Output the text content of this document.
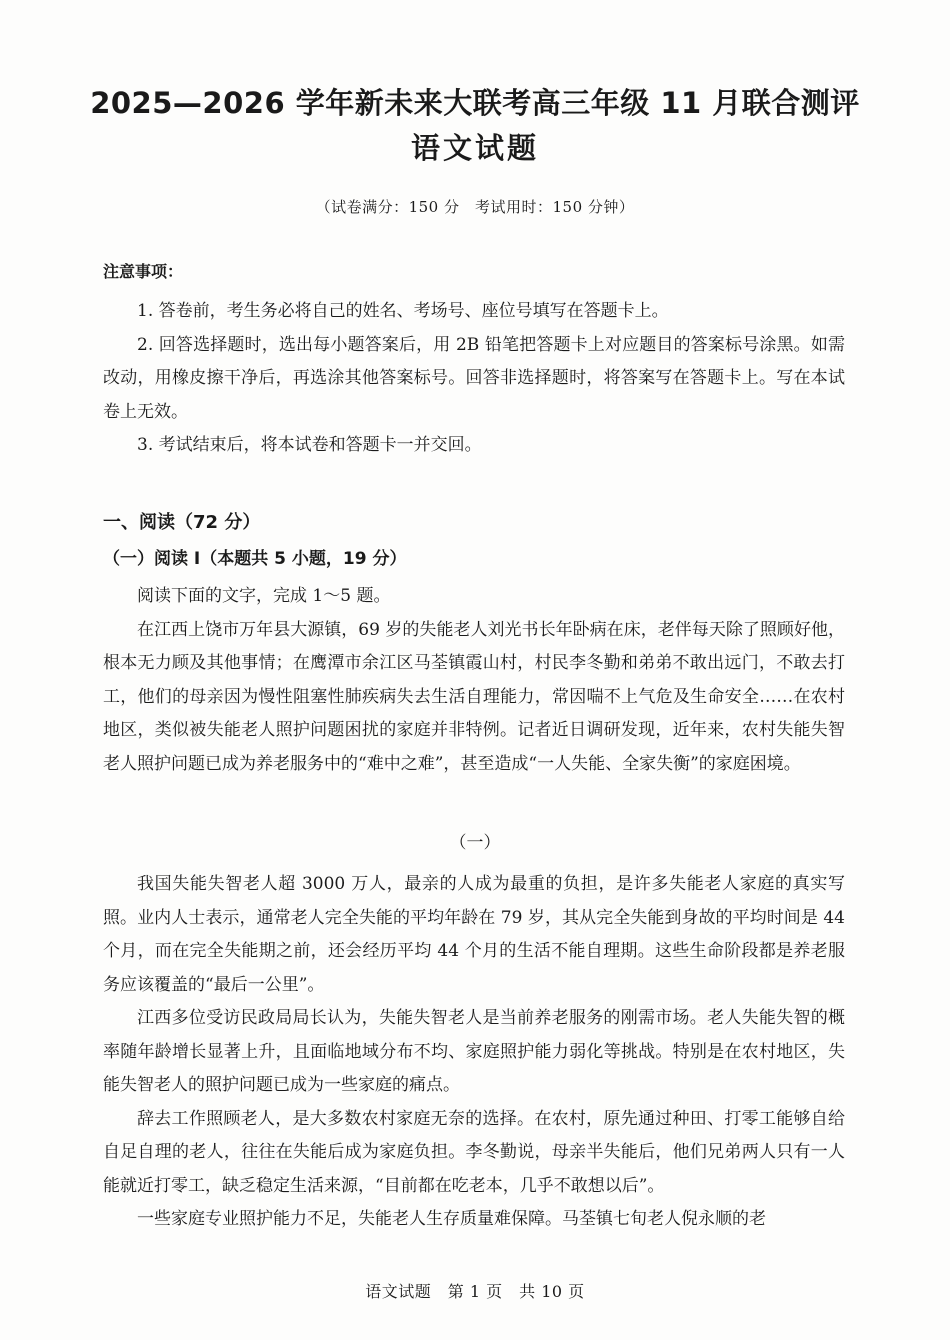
2025—2026 学年新未来大联考高三年级 11 月联合测评
语文试题
（试卷满分：150 分　考试用时：150 分钟）
注意事项：

1. 答卷前，考生务必将自己的姓名、考场号、座位号填写在答题卡上。

2. 回答选择题时，选出每小题答案后，用 2B 铅笔把答题卡上对应题目的答案标号涂黑。如需改动，用橡皮擦干净后，再选涂其他答案标号。回答非选择题时，将答案写在答题卡上。写在本试卷上无效。

3. 考试结束后，将本试卷和答题卡一并交回。

一、阅读（72 分）
（一）阅读 Ⅰ（本题共 5 小题，19 分）

阅读下面的文字，完成 1～5 题。

在江西上饶市万年县大源镇，69 岁的失能老人刘光书长年卧病在床，老伴每天除了照顾好他，根本无力顾及其他事情；在鹰潭市余江区马荃镇霞山村，村民李冬勤和弟弟不敢出远门，不敢去打工，他们的母亲因为慢性阻塞性肺疾病失去生活自理能力，常因喘不上气危及生命安全……在农村地区，类似被失能老人照护问题困扰的家庭并非特例。记者近日调研发现，近年来，农村失能失智老人照护问题已成为养老服务中的“难中之难”，甚至造成“一人失能、全家失衡”的家庭困境。

（一）

我国失能失智老人超 3000 万人，最亲的人成为最重的负担，是许多失能老人家庭的真实写照。业内人士表示，通常老人完全失能的平均年龄在 79 岁，其从完全失能到身故的平均时间是 44 个月，而在完全失能期之前，还会经历平均 44 个月的生活不能自理期。这些生命阶段都是养老服务应该覆盖的“最后一公里”。

江西多位受访民政局局长认为，失能失智老人是当前养老服务的刚需市场。老人失能失智的概率随年龄增长显著上升，且面临地域分布不均、家庭照护能力弱化等挑战。特别是在农村地区，失能失智老人的照护问题已成为一些家庭的痛点。

辞去工作照顾老人，是大多数农村家庭无奈的选择。在农村，原先通过种田、打零工能够自给自足自理的老人，往往在失能后成为家庭负担。李冬勤说，母亲半失能后，他们兄弟两人只有一人能就近打零工，缺乏稳定生活来源，“目前都在吃老本，几乎不敢想以后”。

一些家庭专业照护能力不足，失能老人生存质量难保障。马荃镇七旬老人倪永顺的老

语文试题　第 1 页　共 10 页
